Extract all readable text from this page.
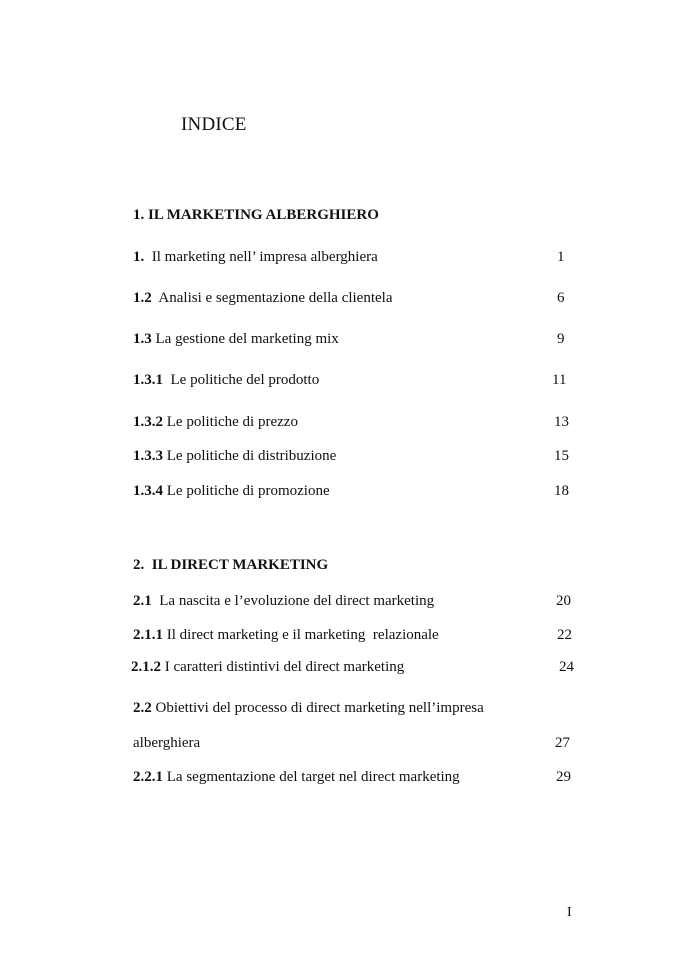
INDICE
1. IL MARKETING ALBERGHIERO
1.  Il marketing nell’ impresa alberghiera	1
1.2  Analisi e segmentazione della clientela	6
1.3 La gestione del marketing mix	9
1.3.1  Le politiche del prodotto	11
1.3.2 Le politiche di prezzo	13
1.3.3 Le politiche di distribuzione	15
1.3.4 Le politiche di promozione	18
2.  IL DIRECT MARKETING
2.1  La nascita e l’evoluzione del direct marketing	20
2.1.1 Il direct marketing e il marketing  relazionale	22
2.1.2 I caratteri distintivi del direct marketing	24
2.2 Obiettivi del processo di direct marketing nell’impresa
alberghiera	27
2.2.1 La segmentazione del target nel direct marketing	29
I
